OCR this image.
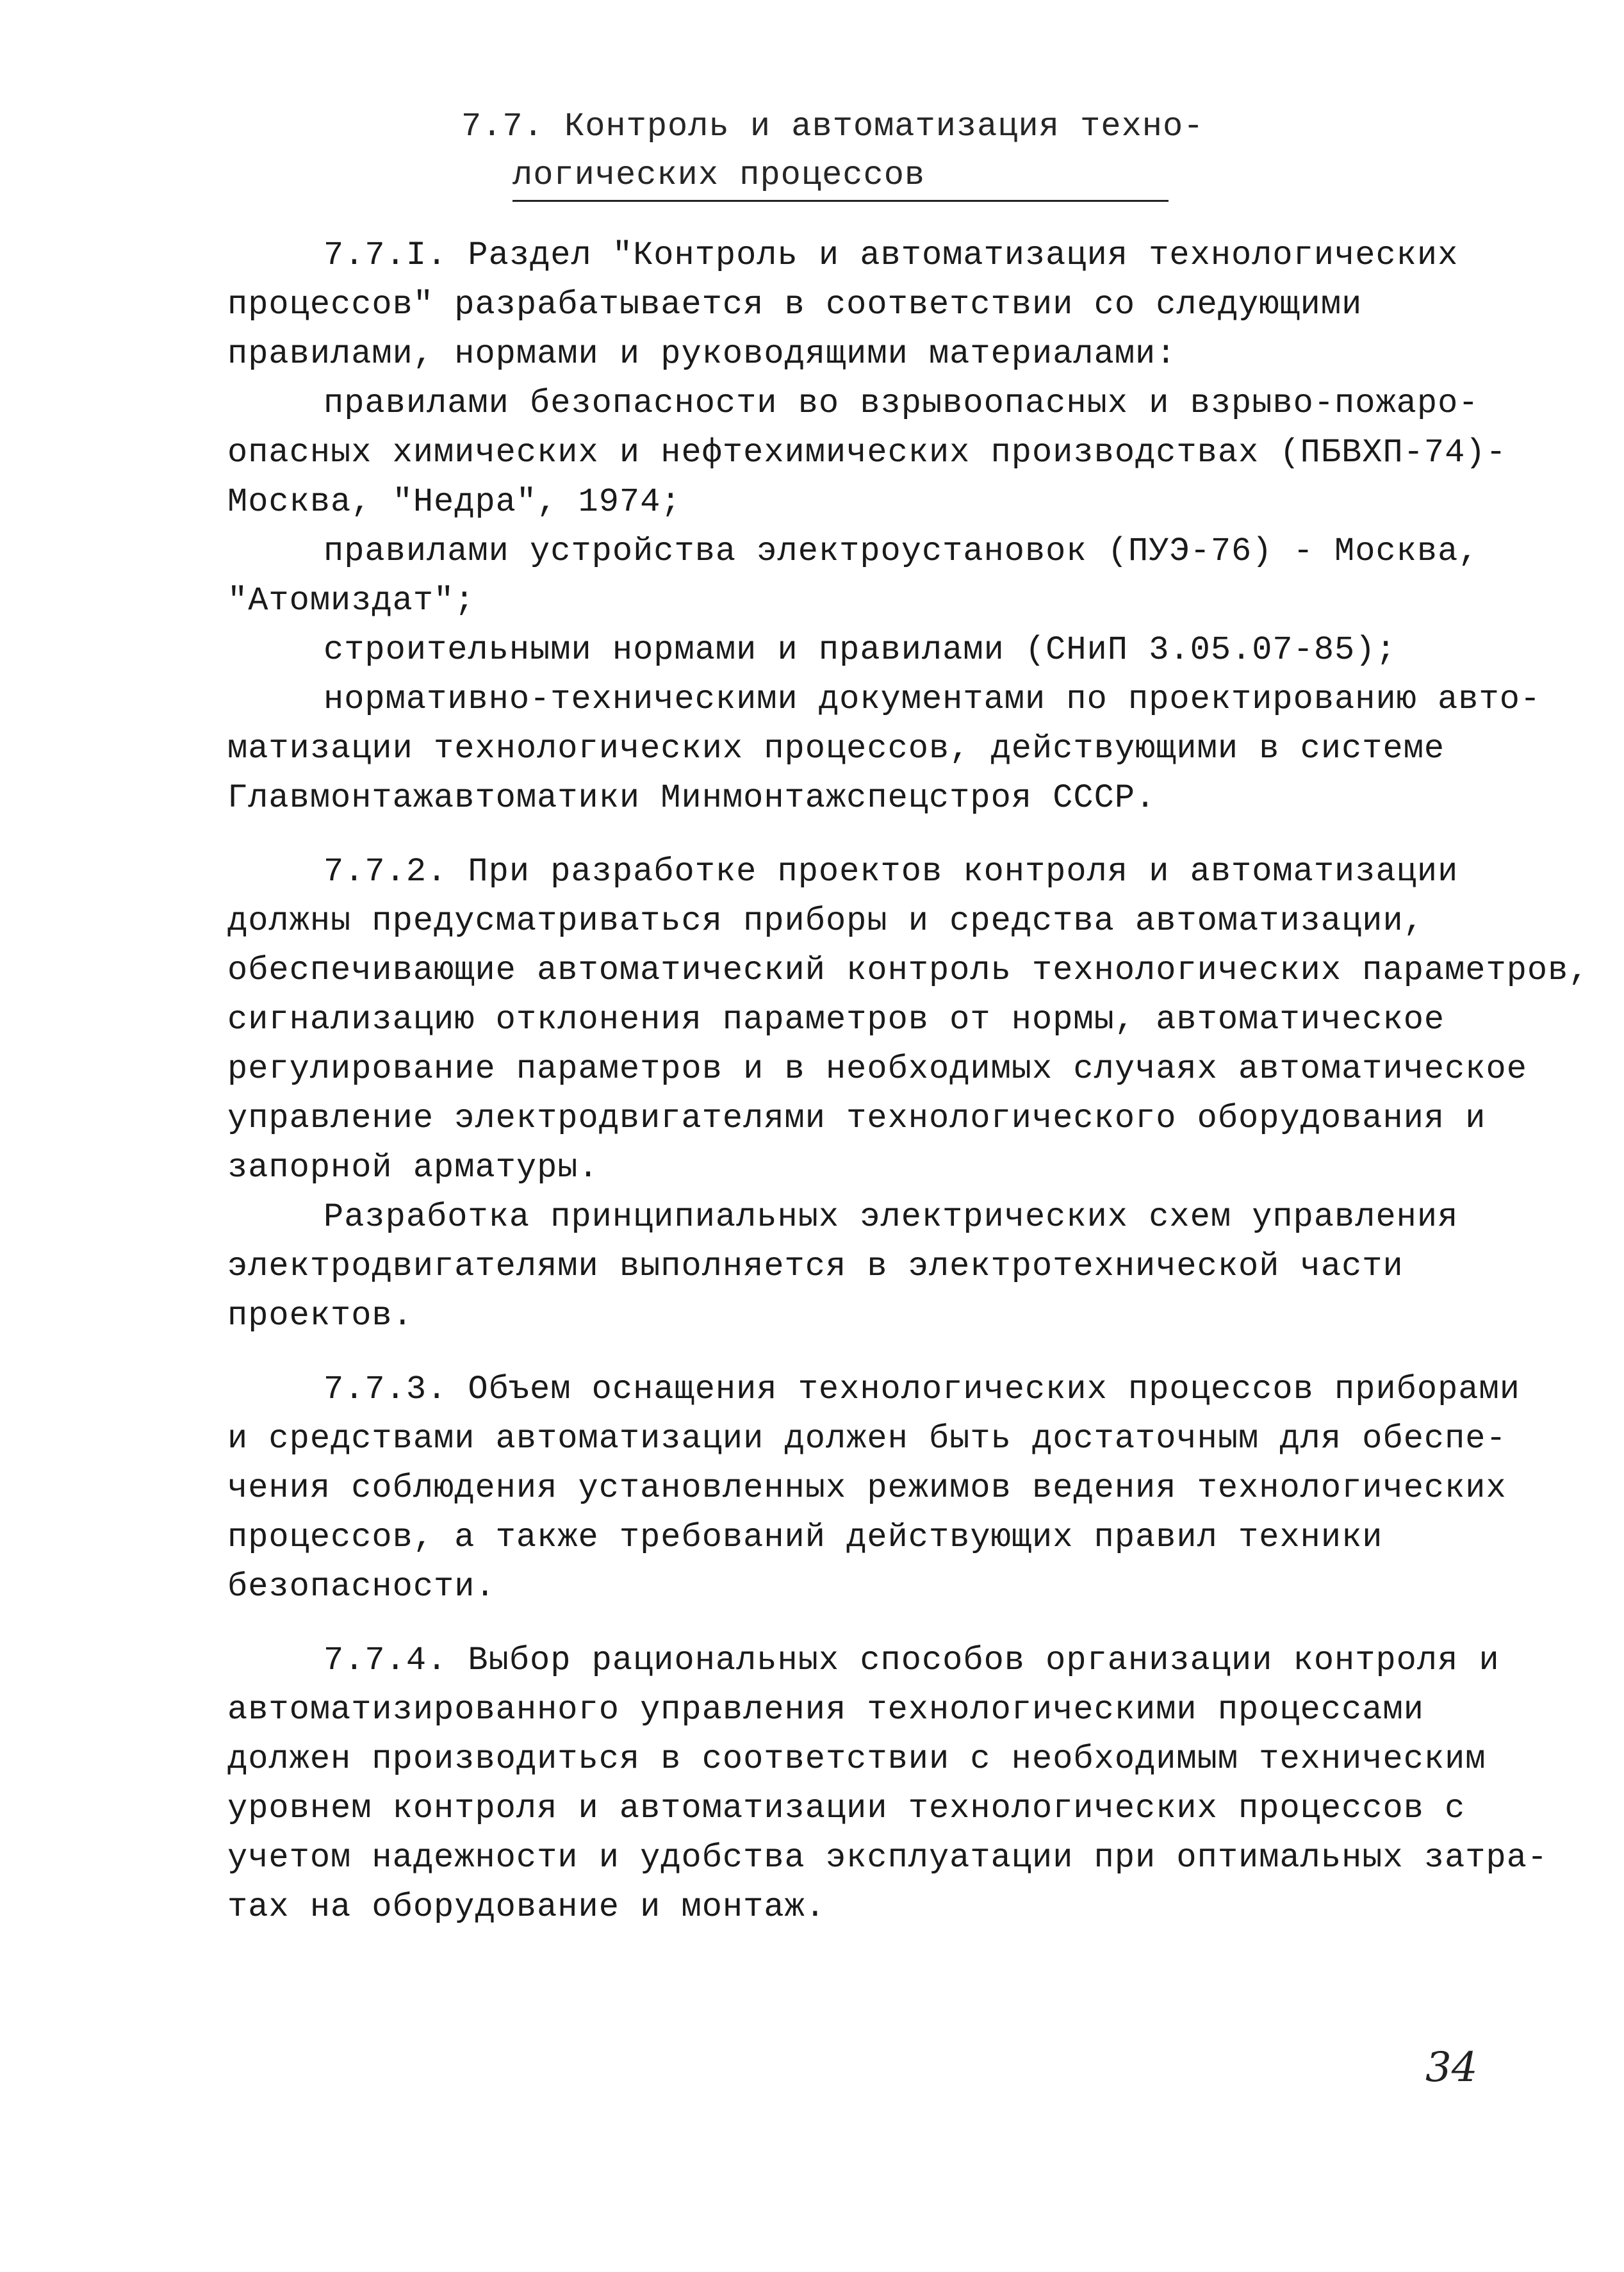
7.7. Контроль и автоматизация техно-
логических процессов
7.7.I. Раздел "Контроль и автоматизация технологических
процессов" разрабатывается в соответствии со следующими
правилами, нормами и руководящими материалами:
правилами безопасности во взрывоопасных и взрыво-пожаро-
опасных химических и нефтехимических производствах (ПБВХП-74)-
Москва, "Недра", 1974;
правилами устройства электроустановок (ПУЭ-76) - Москва,
"Атомиздат";
строительными нормами и правилами (СНиП 3.05.07-85);
нормативно-техническими документами по проектированию авто-
матизации технологических процессов, действующими в системе
Главмонтажавтоматики Минмонтажспецстроя СССР.
7.7.2. При разработке проектов контроля и автоматизации
должны предусматриваться приборы и средства автоматизации,
обеспечивающие автоматический контроль технологических параметров,
сигнализацию отклонения параметров от нормы, автоматическое
регулирование параметров и в необходимых случаях автоматическое
управление электродвигателями технологического оборудования и
запорной арматуры.
Разработка принципиальных электрических схем управления
электродвигателями выполняется в электротехнической части
проектов.
7.7.3. Объем оснащения технологических процессов приборами
и средствами автоматизации должен быть достаточным для обеспе-
чения соблюдения установленных режимов ведения технологических
процессов, а также требований действующих правил техники
безопасности.
7.7.4. Выбор рациональных способов организации контроля и
автоматизированного управления технологическими процессами
должен производиться в соответствии с необходимым техническим
уровнем контроля и автоматизации технологических процессов с
учетом надежности и удобства эксплуатации при оптимальных затра-
тах на оборудование и монтаж.
34
